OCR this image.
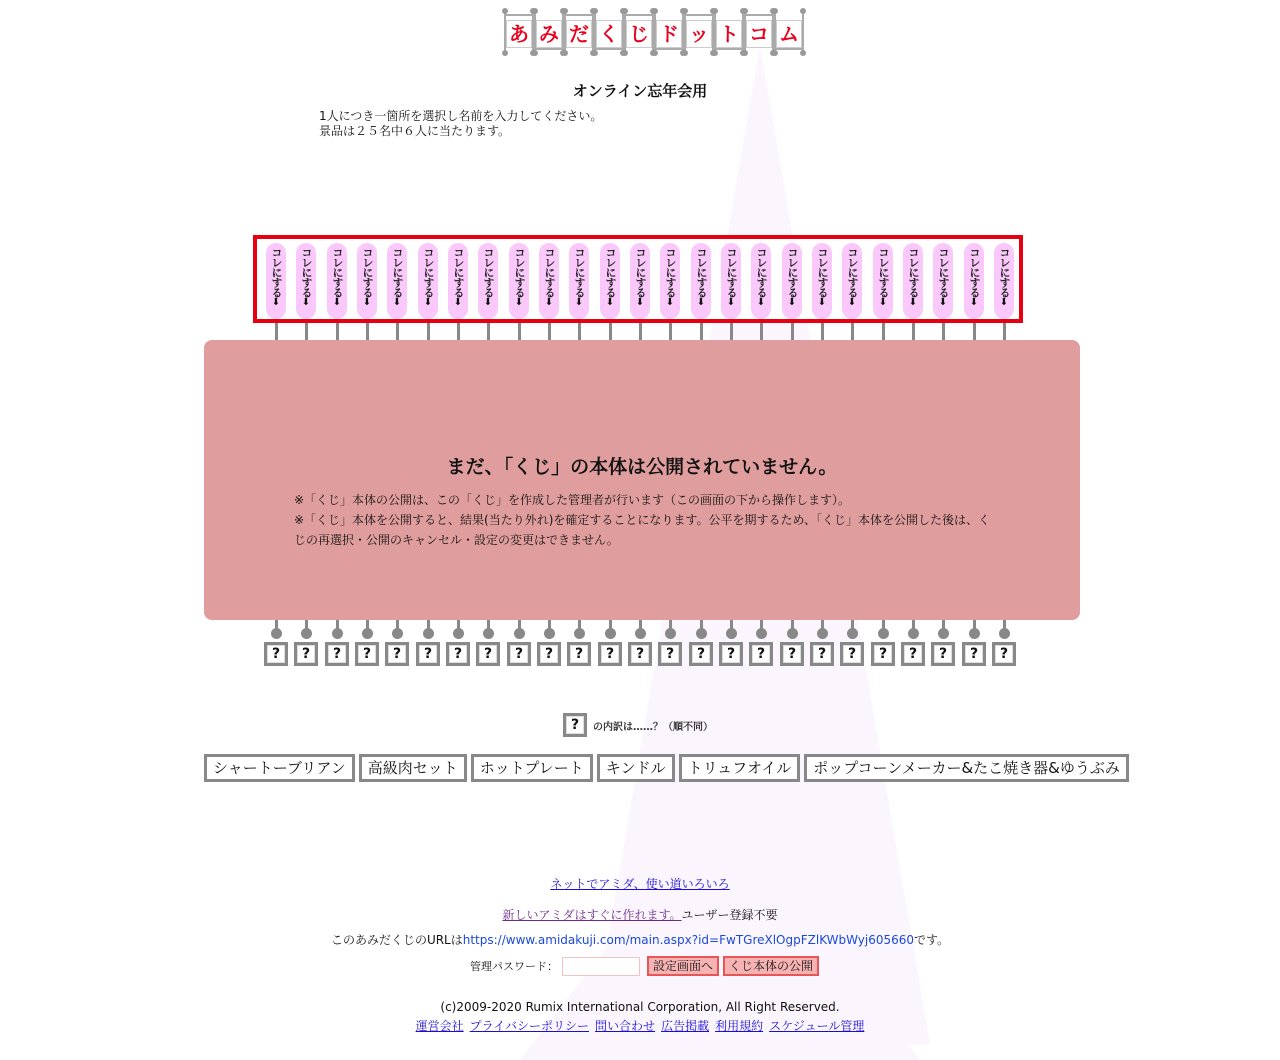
あ み だ く じ ド ッ ト コ ム
オンライン忘年会用
1人につき一箇所を選択し名前を入力してください。
景品は２５名中６人に当たります。
コレにする
⬇
?
コレにする
⬇
?
コレにする
⬇
?
コレにする
⬇
?
コレにする
⬇
?
コレにする
⬇
?
コレにする
⬇
?
コレにする
⬇
?
コレにする
⬇
?
コレにする
⬇
?
コレにする
⬇
?
コレにする
⬇
?
コレにする
⬇
?
コレにする
⬇
?
コレにする
⬇
?
コレにする
⬇
?
コレにする
⬇
?
コレにする
⬇
?
コレにする
⬇
?
コレにする
⬇
?
コレにする
⬇
?
コレにする
⬇
?
コレにする
⬇
?
コレにする
⬇
?
コレにする
⬇
?
まだ、「くじ」の本体は公開されていません。
※「くじ」本体の公開は、この「くじ」を作成した管理者が行います（この画面の下から操作します）。
※「くじ」本体を公開すると、結果(当たり外れ)を確定することになります。公平を期するため、「くじ」本体を公開した後は、くじの再選択・公開のキャンセル・設定の変更はできません。
?	の内訳は……？（順不同）
シャートーブリアン	高級肉セット	ホットプレート	キンドル	トリュフオイル	ポップコーンメーカー&たこ焼き器&ゆうぶみ
ネットでアミダ、使い道いろいろ
新しいアミダはすぐに作れます。ユーザー登録不要
このあみだくじのURLはhttps://www.amidakuji.com/main.aspx?id=FwTGreXlOgpFZlKWbWyj605660です。
管理パスワード：	設定画面へ	くじ本体の公開
(c)2009-2020 Rumix International Corporation, All Right Reserved.
運営会社 プライバシーポリシー 問い合わせ 広告掲載 利用規約 スケジュール管理
